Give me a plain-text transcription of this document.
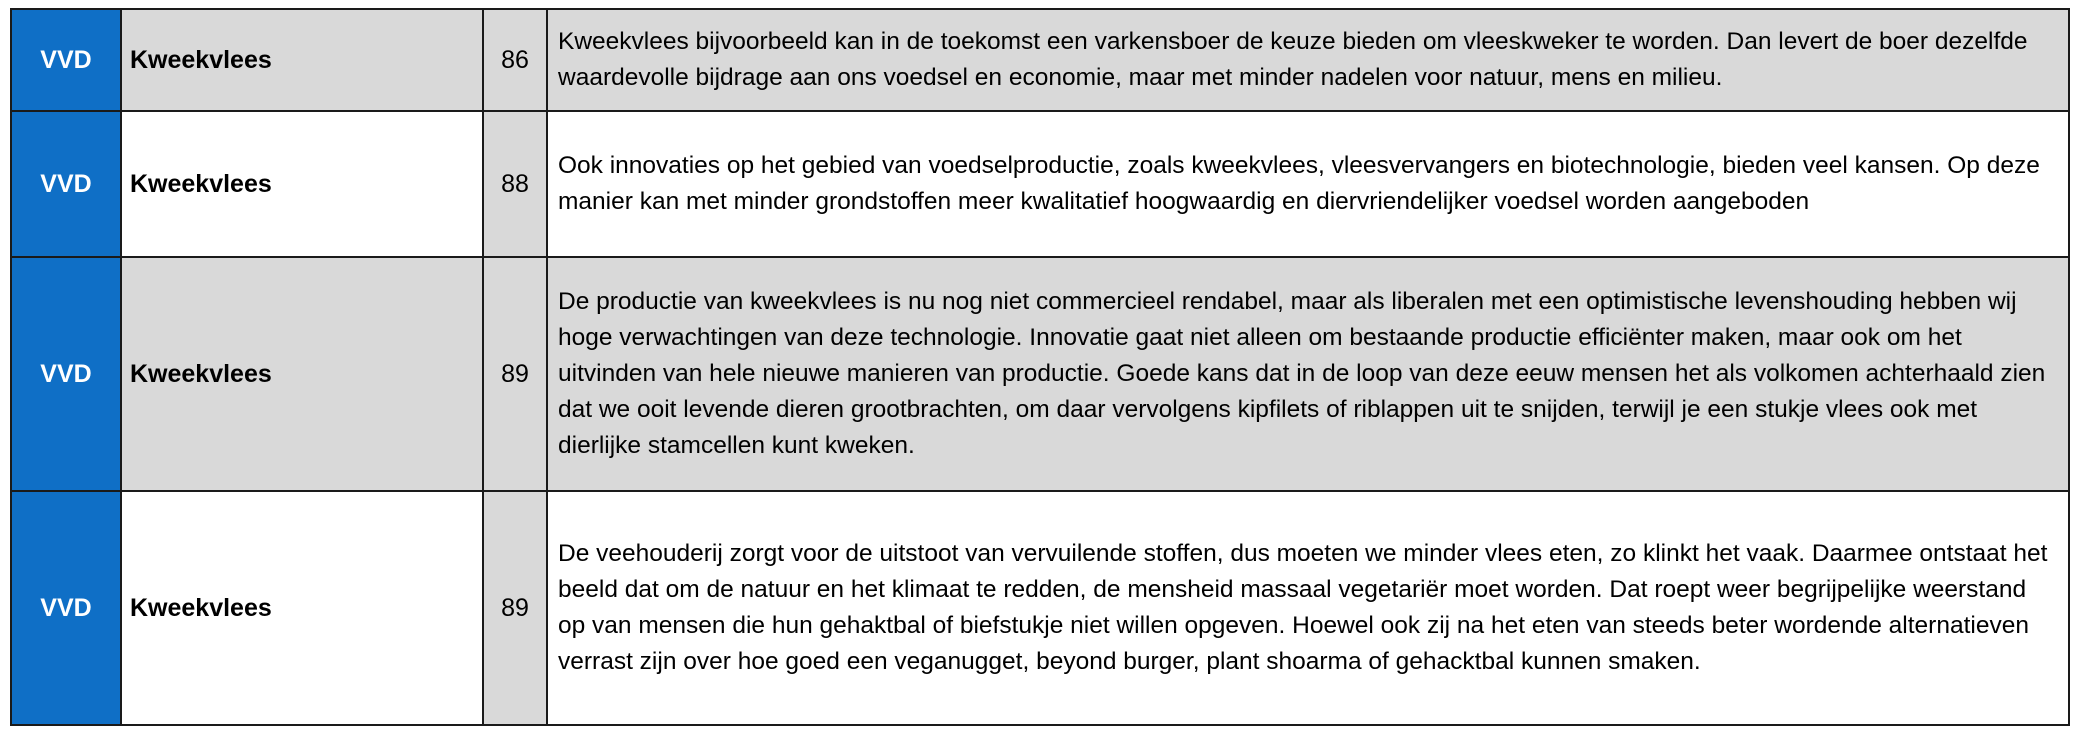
VVD	Kweekvlees	86	Kweekvlees bijvoorbeeld kan in de toekomst een varkensboer de keuze bieden om vleeskweker te worden. Dan levert de boer dezelfde waardevolle bijdrage aan ons voedsel en economie, maar met minder nadelen voor natuur, mens en milieu.
VVD	Kweekvlees	88	Ook innovaties op het gebied van voedselproductie, zoals kweekvlees, vleesvervangers en biotechnologie, bieden veel kansen. Op deze manier kan met minder grondstoffen meer kwalitatief hoogwaardig en diervriendelijker voedsel worden aangeboden
VVD	Kweekvlees	89	De productie van kweekvlees is nu nog niet commercieel rendabel, maar als liberalen met een optimistische levenshouding hebben wij hoge verwachtingen van deze technologie. Innovatie gaat niet alleen om bestaande productie efficiënter maken, maar ook om het uitvinden van hele nieuwe manieren van productie. Goede kans dat in de loop van deze eeuw mensen het als volkomen achterhaald zien dat we ooit levende dieren grootbrachten, om daar vervolgens kipfilets of riblappen uit te snijden, terwijl je een stukje vlees ook met dierlijke stamcellen kunt kweken.
VVD	Kweekvlees	89	De veehouderij zorgt voor de uitstoot van vervuilende stoffen, dus moeten we minder vlees eten, zo klinkt het vaak. Daarmee ontstaat het beeld dat om de natuur en het klimaat te redden, de mensheid massaal vegetariër moet worden. Dat roept weer begrijpelijke weerstand op van mensen die hun gehaktbal of biefstukje niet willen opgeven. Hoewel ook zij na het eten van steeds beter wordende alternatieven verrast zijn over hoe goed een veganugget, beyond burger, plant shoarma of gehacktbal kunnen smaken.
